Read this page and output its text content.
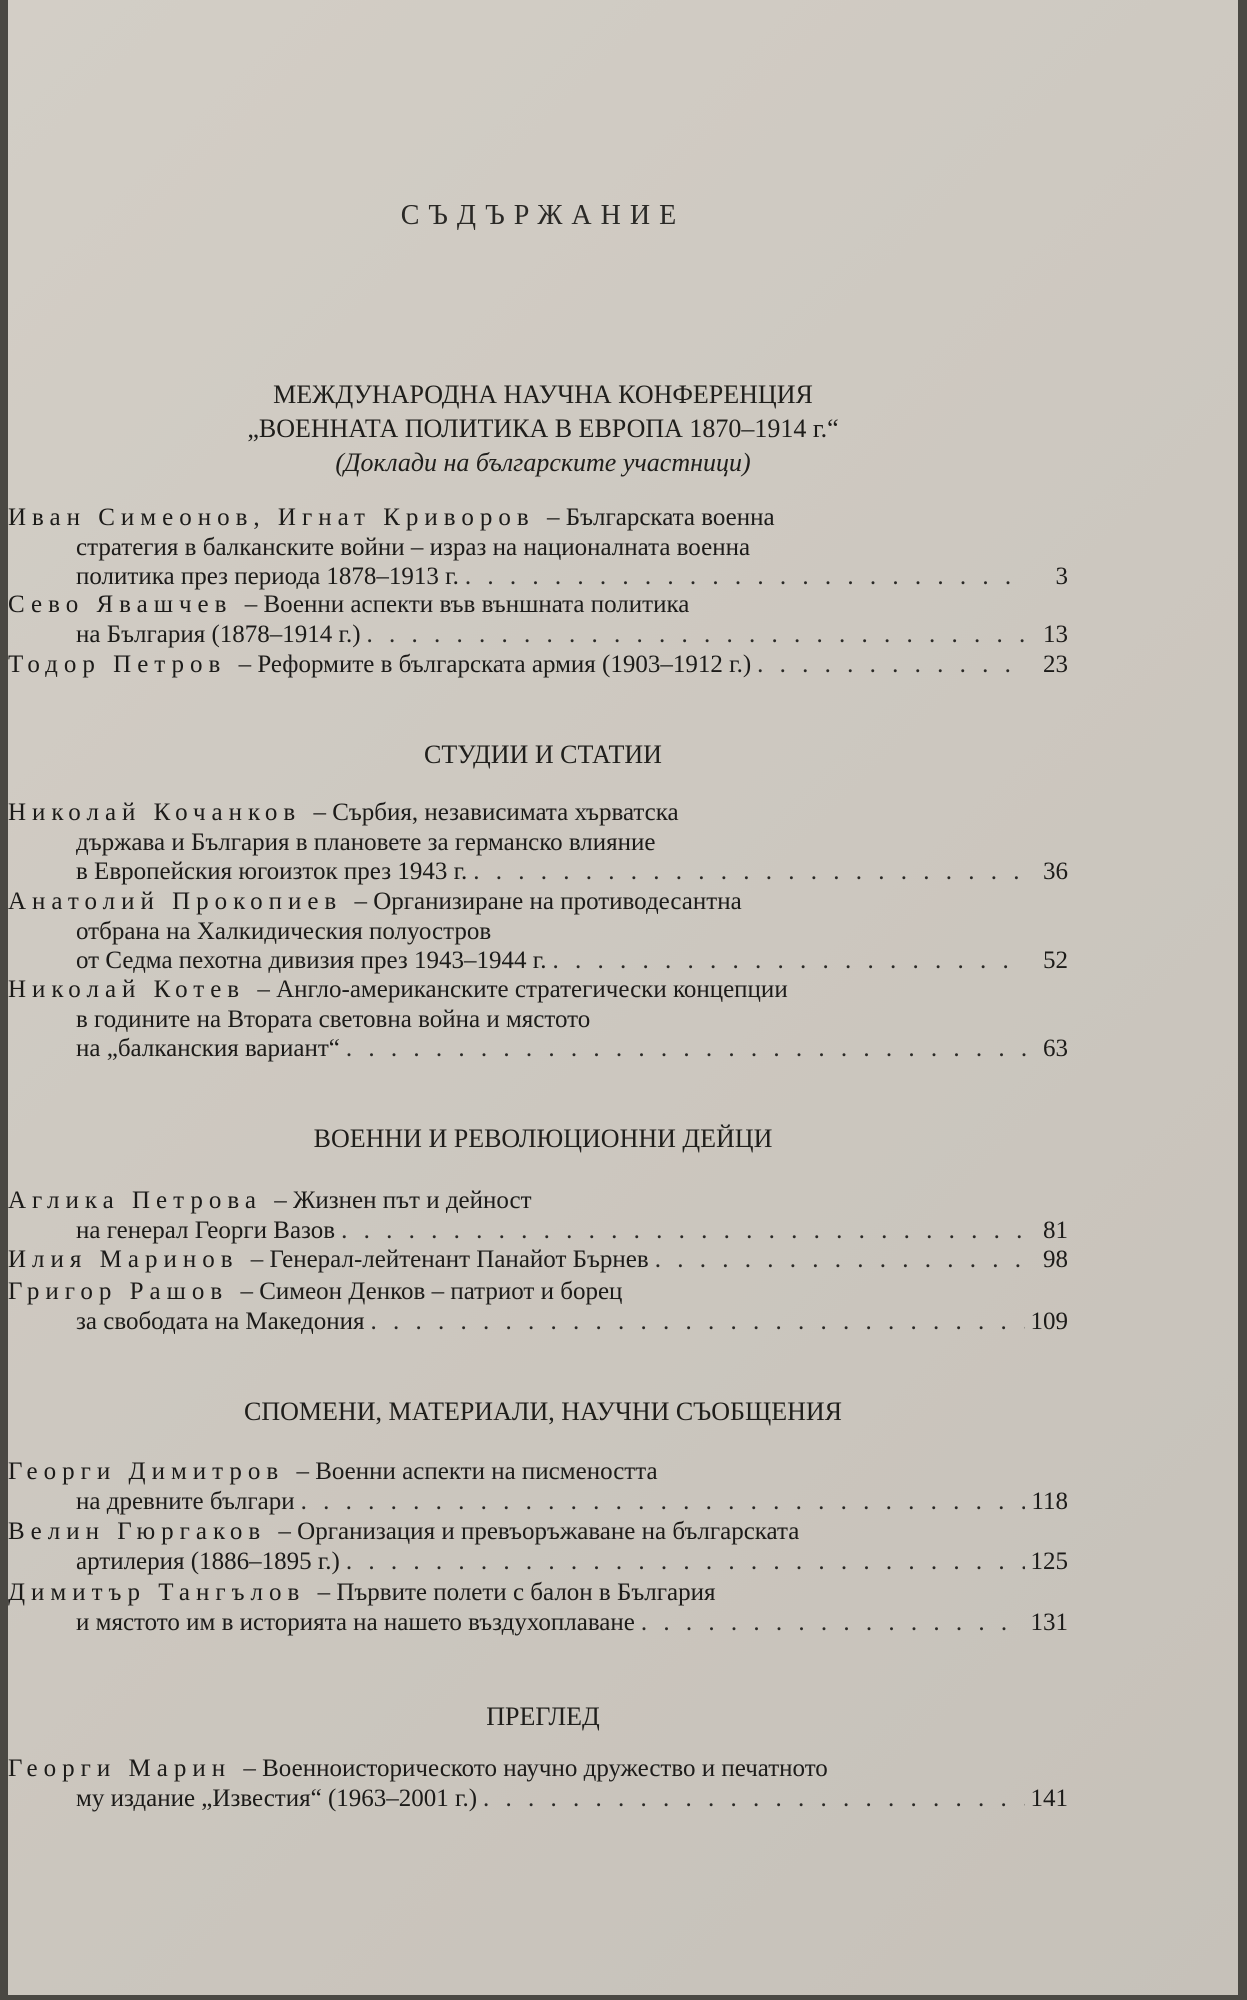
СЪДЪРЖАНИЕ
МЕЖДУНАРОДНА НАУЧНА КОНФЕРЕНЦИЯ
„ВОЕННАТА ПОЛИТИКА В ЕВРОПА 1870–1914 г.“
(Доклади на българските участници)
Иван Симеонов, Игнат Криворов – Българската военна
стратегия в балканските войни – израз на националната военна
политика през периода 1878–1913 г. . . .	3
Сево Явашчев – Военни аспекти във външната политика
на България (1878–1914 г.) . . .	13
Тодор Петров – Реформите в българската армия (1903–1912 г.) . . .	23
СТУДИИ И СТАТИИ
Николай Кочанков – Сърбия, независимата хърватска
държава и България в плановете за германско влияние
в Европейския югоизток през 1943 г. . . .	36
Анатолий Прокопиев – Организиране на противодесантна
отбрана на Халкидическия полуостров
от Седма пехотна дивизия през 1943–1944 г. . . .	52
Николай Котев – Англо-американските стратегически концепции
в годините на Втората световна война и мястото
на „балканския вариант“ . . .	63
ВОЕННИ И РЕВОЛЮЦИОННИ ДЕЙЦИ
Аглика Петрова – Жизнен път и дейност
на генерал Георги Вазов . . .	81
Илия Маринов – Генерал-лейтенант Панайот Бърнев . . .	98
Григор Рашов – Симеон Денков – патриот и борец
за свободата на Македония . . .	109
СПОМЕНИ, МАТЕРИАЛИ, НАУЧНИ СЪОБЩЕНИЯ
Георги Димитров – Военни аспекти на писмеността
на древните българи . . .	118
Велин Гюргаков – Организация и превъоръжаване на българската
артилерия (1886–1895 г.) . . .	125
Димитър Тангълов – Първите полети с балон в България
и мястото им в историята на нашето въздухоплаване . . .	131
ПРЕГЛЕД
Георги Марин – Военноисторическото научно дружество и печатното
му издание „Известия“ (1963–2001 г.) . . .	141
